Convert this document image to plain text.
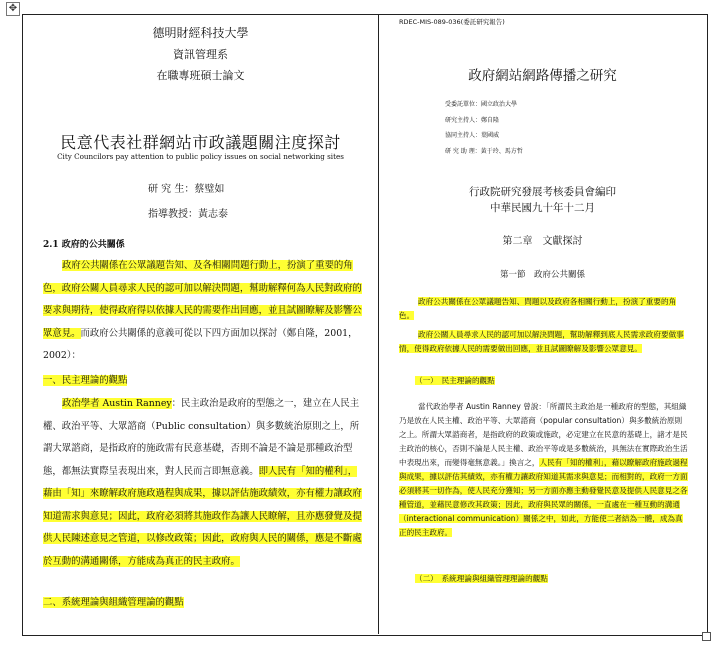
✥
德明財經科技大學
資訊管理系
在職專班碩士論文
民意代表社群網站市政議題關注度探討
City Councilors pay attention to public policy issues on social networking sites
研 究 生：蔡璧如
指導教授：黃志泰
2.1 政府的公共關係
政府公共關係在公眾議題告知、及各相關問題行動上，扮演了重要的角色，政府公關人員尋求人民的認可加以解決問題，幫助解釋何為人民對政府的要求與期待，使得政府得以依據人民的需要作出回應，並且試圖瞭解及影響公眾意見。而政府公共關係的意義可從以下四方面加以探討（鄭自隆，2001，2002）：
一、民主理論的觀點
政治學者 Austin Ranney：民主政治是政府的型態之一，建立在人民主權、政治平等、大眾諮商（Public consultation）與多數統治原則之上，所謂大眾諮商，是指政府的施政需有民意基礎，否則不論是不論是那種政治型態，都無法實際呈表現出來，對人民而言即無意義。即人民有「知的權利」，藉由「知」來瞭解政府施政過程與成果，據以評估施政績效，亦有權力讓政府知道需求與意見；因此，政府必須將其施政作為讓人民瞭解，且亦應發覺及提供人民陳述意見之管道，以修改政策；因此，政府與人民的關係，應是不斷處於互動的溝通關係，方能成為真正的民主政府。
二、系統理論與組織管理論的觀點
RDEC-MIS-089-036(委託研究報告)
政府網站網路傳播之研究
受委託單位：國立政治大學
研究主持人：鄭自隆
協同主持人：葉國威
研 究 助 理：黃于玲、馬方哲
行政院研究發展考核委員會編印
中華民國九十年十二月
第二章　文獻探討
第一節　政府公共關係
政府公共關係在公眾議題告知、問題以及政府各相關行動上，扮演了重要的角色。
政府公關人員尋求人民的認可加以解決問題，幫助解釋到底人民需求政府要做事情，使得政府依據人民的需要做出回應，並且試圖瞭解及影響公眾意見。
（一）　民主理論的觀點
當代政治學者 Austin Ranney 曾說：「所謂民主政治是一種政府的型態，其組織乃是放在人民主權、政治平等、大眾諮商（popular consultation）與多數統治原則之上。所謂大眾諮商者，是指政府的政策或施政，必定建立在民意的基礎上，諸才是民主政治的核心，否則不論是人民主權、政治平等或是多數統治，具無法在實際政治生活中表現出來，而變得毫無意義。」換言之，人民有「知的權利」，藉以瞭解政府施政過程與成果，據以評估其績效，亦有權力讓政府知道其需求與意見；而相對的，政府一方面必須將其一切作為，使人民充分獲知；另一方面亦應主動發覺民意及提供人民意見之各種管道，並藉民意修改其政策；因此，政府與民眾的關係，一直處在一種互動的溝通（interactional communication）關係之中，如此，方能使二者結為一體，成為真正的民主政府。
（二）　系統理論與組織管理理論的觀點
